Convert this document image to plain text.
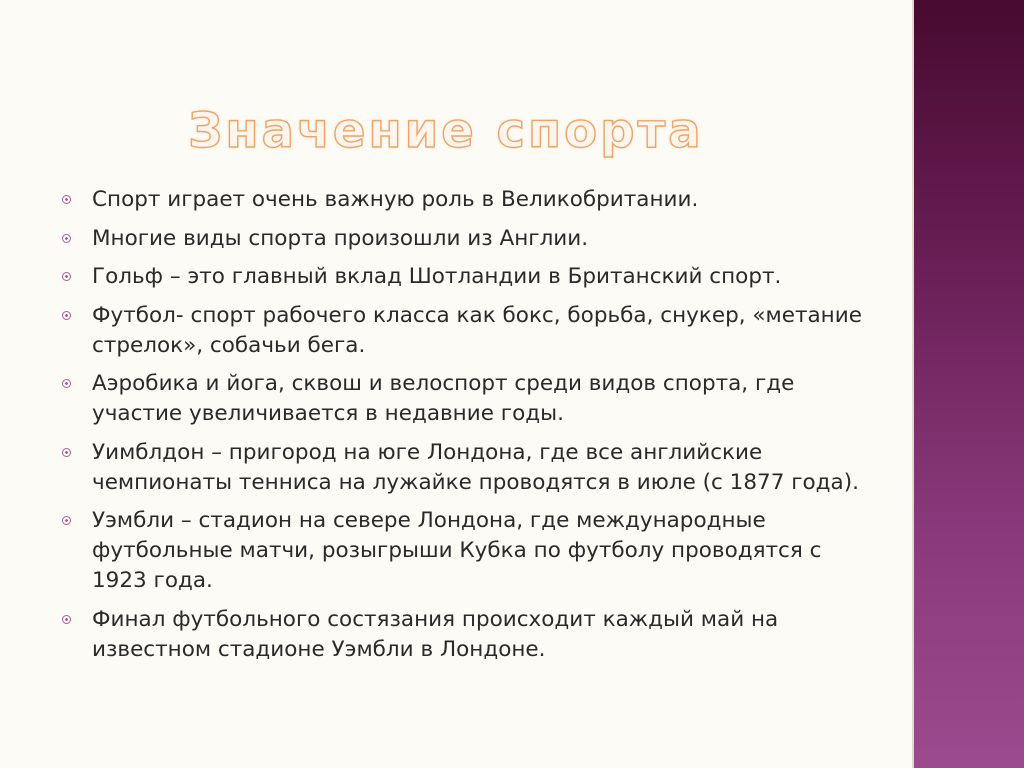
Значение спорта
Спорт играет очень важную роль в Великобритании.
Многие виды спорта произошли из Англии.
Гольф – это главный вклад Шотландии в Британский спорт.
Футбол- спорт рабочего класса как бокс, борьба, снукер, «метание стрелок», собачьи бега.
Аэробика и йога, сквош и велоспорт среди видов спорта, где участие увеличивается в недавние годы.
Уимблдон – пригород на юге Лондона, где все английские чемпионаты тенниса на лужайке проводятся в июле (с 1877 года).
Уэмбли – стадион на севере Лондона, где международные футбольные матчи, розыгрыши Кубка по футболу проводятся с 1923 года.
Финал футбольного состязания происходит каждый май на известном стадионе Уэмбли в Лондоне.
